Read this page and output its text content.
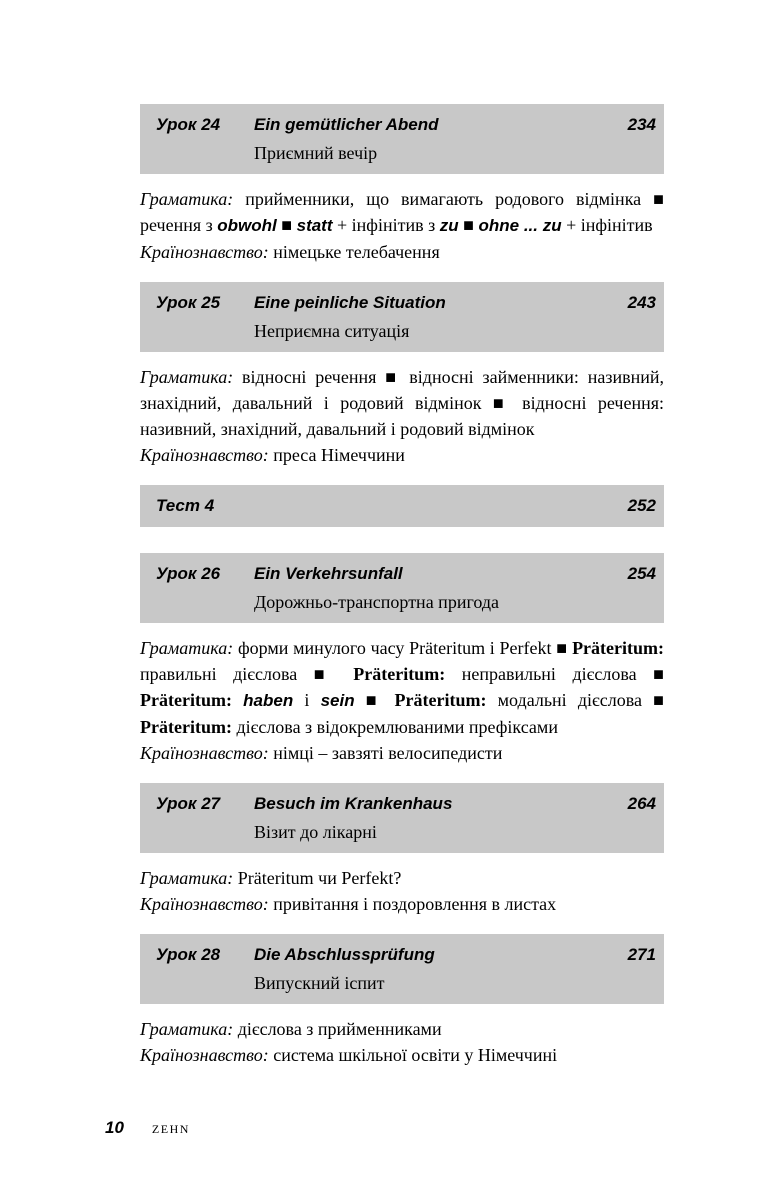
Урок 24	Ein gemütlicher Abend	234
Приємний вечір

Граматика: прийменники, що вимагають родового відмінка ■ речення з obwohl ■ statt + інфінітив з zu ■ ohne ... zu + інфінітив

Країнознавство: німецьке телебачення

Урок 25	Eine peinliche Situation	243
Неприємна ситуація

Граматика: відносні речення ■ відносні займенники: називний, знахідний, давальний і родовий відмінок ■ відносні речення: називний, знахідний, давальний і родовий відмінок

Країнознавство: преса Німеччини

Тест 4	252
Урок 26	Ein Verkehrsunfall	254
Дорожньо-транспортна пригода

Граматика: форми минулого часу Präteritum і Perfekt ■ Präteritum: правильні дієслова ■ Präteritum: неправильні дієслова ■ Präteritum: haben і sein ■ Präteritum: модальні дієслова ■ Präteritum: дієслова з відокремлюваними префіксами

Країнознавство: німці – завзяті велосипедисти

Урок 27	Besuch im Krankenhaus	264
Візит до лікарні

Граматика: Präteritum чи Perfekt?

Країнознавство: привітання і поздоровлення в листах

Урок 28	Die Abschlussprüfung	271
Випускний іспит

Граматика: дієслова з прийменниками

Країнознавство: система шкільної освіти у Німеччині

10 ZEHN
